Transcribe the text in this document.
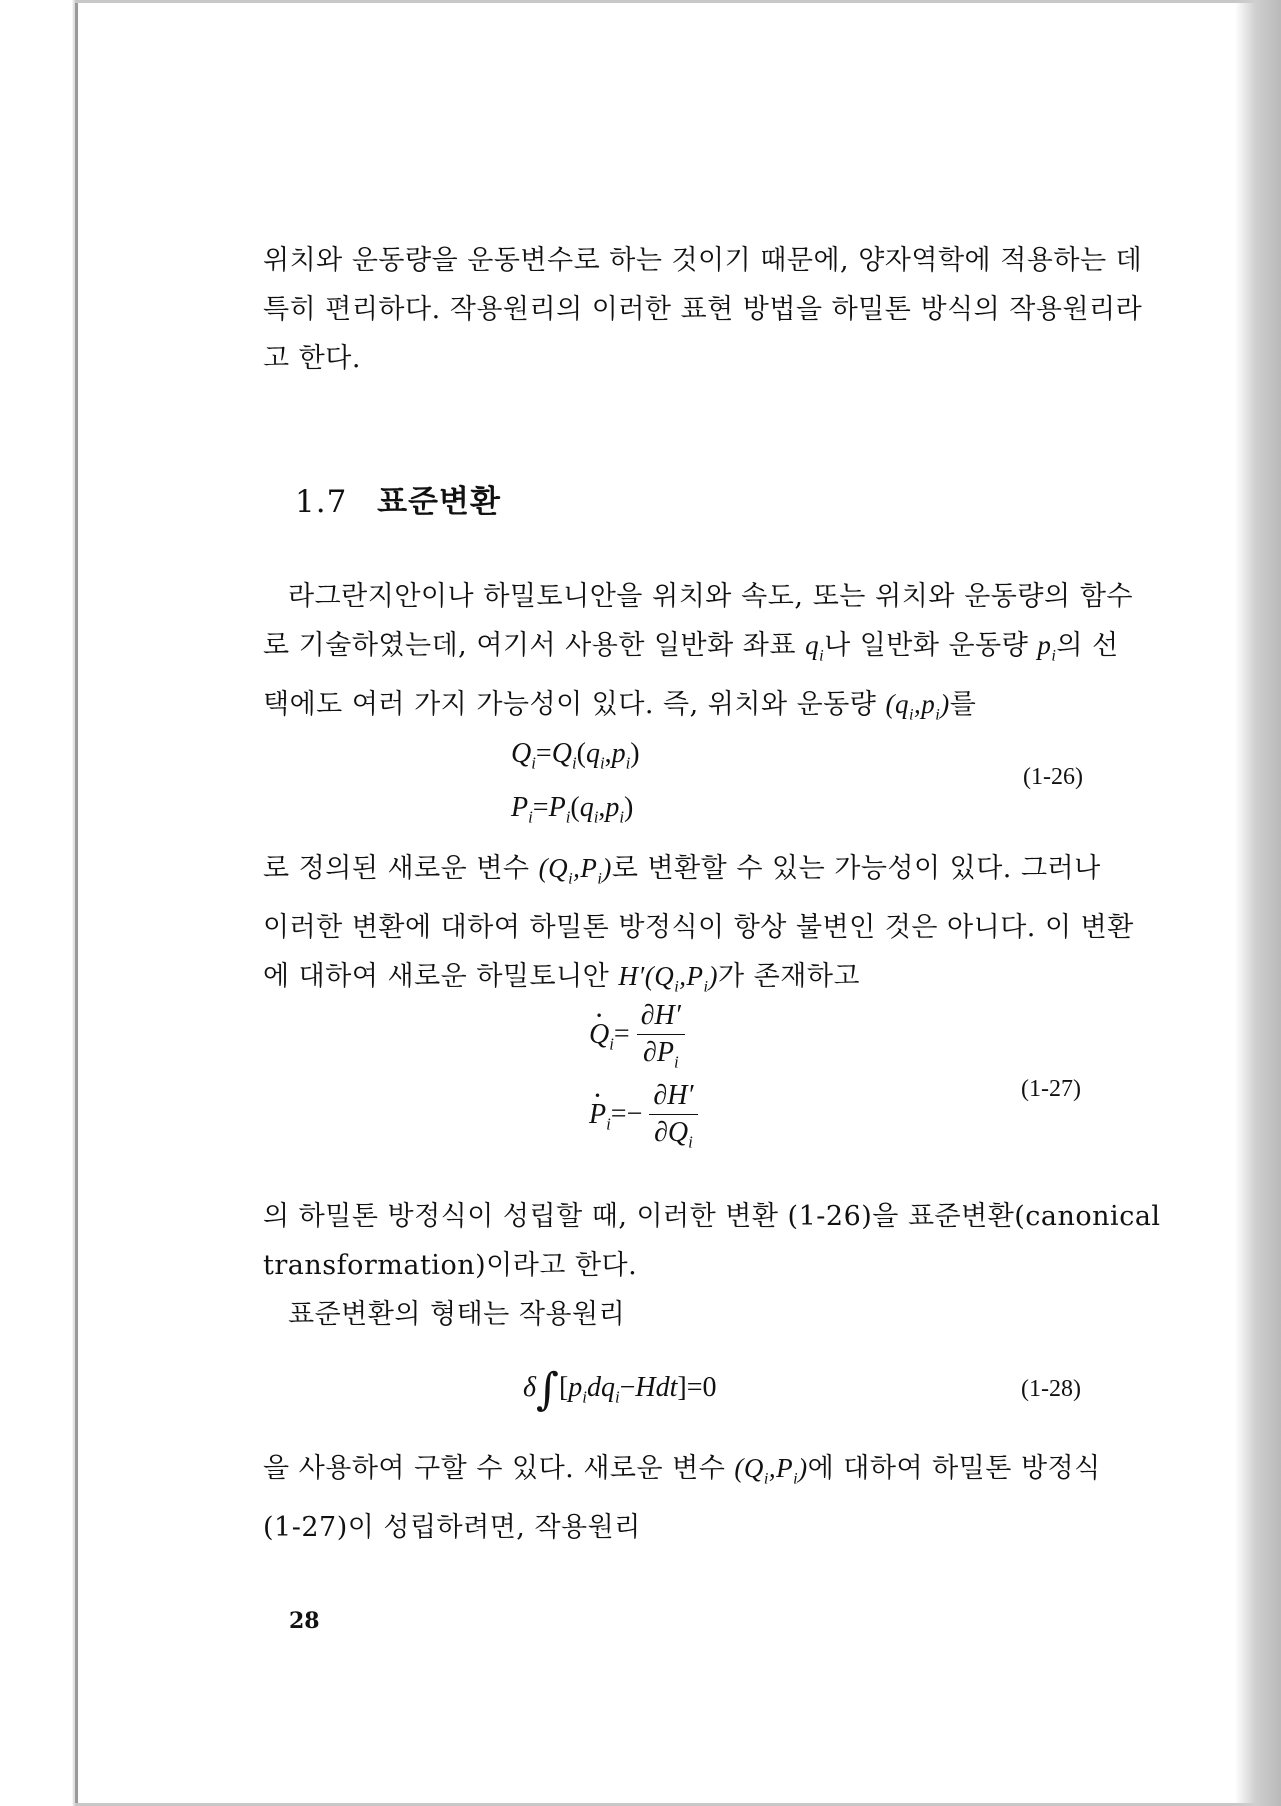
위치와 운동량을 운동변수로 하는 것이기 때문에, 양자역학에 적용하는 데

특히 편리하다. 작용원리의 이러한 표현 방법을 하밀톤 방식의 작용원리라

고 한다.

1.7 표준변환

라그란지안이나 하밀토니안을 위치와 속도, 또는 위치와 운동량의 함수

로 기술하였는데, 여기서 사용한 일반화 좌표 $q_i$나 일반화 운동량 $p_i$의 선

택에도 여러 가지 가능성이 있다. 즉, 위치와 운동량 $(q_i,p_i)$를

$Q_i=Q_i(q_i,p_i)$
$P_i=P_i(q_i,p_i)$
(1-26)

로 정의된 새로운 변수 $(Q_i,P_i)$로 변환할 수 있는 가능성이 있다. 그러나

이러한 변환에 대하여 하밀톤 방정식이 항상 불변인 것은 아니다. 이 변환

에 대하여 새로운 하밀토니안 $H'(Q_i,P_i)$가 존재하고

· $Q_i= \frac{\partial H'}{\partial P_i}$
· $P_i=- \frac{\partial H'}{\partial Q_i}$	(1-27)

의 하밀톤 방정식이 성립할 때, 이러한 변환 (1-26)을 표준변환(canonical

transformation)이라고 한다.

표준변환의 형태는 작용원리

$\delta\int[p_idq_i-Hdt]=0$	(1-28)

을 사용하여 구할 수 있다. 새로운 변수 $(Q_i,P_i)$에 대하여 하밀톤 방정식

(1-27)이 성립하려면, 작용원리

28
